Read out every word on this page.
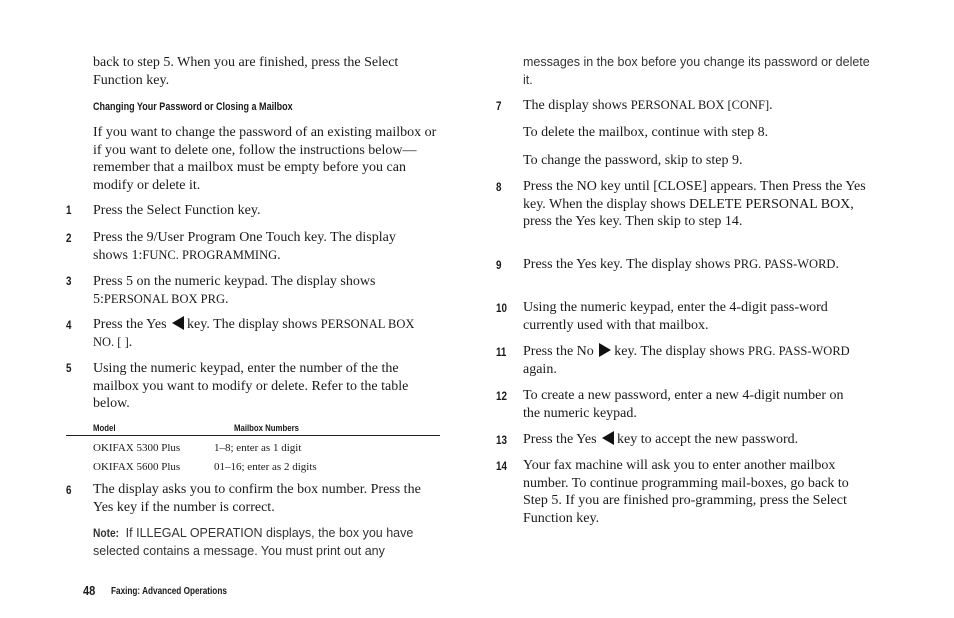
back to step 5. When you are finished, press the Select Function key.
Changing Your Password or Closing a Mailbox
If you want to change the password of an existing mailbox or if you want to delete one, follow the instructions below—remember that a mailbox must be empty before you can modify or delete it.
1 Press the Select Function key.
2 Press the 9/User Program One Touch key. The display shows 1:FUNC. PROGRAMMING.
3 Press 5 on the numeric keypad. The display shows 5:PERSONAL BOX PRG.
4 Press the Yes key. The display shows PERSONAL BOX NO. [ ].
5 Using the numeric keypad, enter the number of the the mailbox you want to modify or delete. Refer to the table below.
Model	Mailbox Numbers
OKIFAX 5300 Plus	1–8; enter as 1 digit
OKIFAX 5600 Plus	01–16; enter as 2 digits
6 The display asks you to confirm the box number. Press the Yes key if the number is correct.
Note: If ILLEGAL OPERATION displays, the box you have selected contains a message. You must print out any
messages in the box before you change its password or delete it.
7 The display shows PERSONAL BOX [CONF].
To delete the mailbox, continue with step 8.
To change the password, skip to step 9.
8 Press the NO key until [CLOSE] appears. Then Press the Yes key. When the display shows DELETE PERSONAL BOX, press the Yes key. Then skip to step 14.
9 Press the Yes key. The display shows PRG. PASS-WORD.
10 Using the numeric keypad, enter the 4-digit pass-word currently used with that mailbox.
11 Press the No key. The display shows PRG. PASS-WORD again.
12 To create a new password, enter a new 4-digit number on the numeric keypad.
13 Press the Yes key to accept the new password.
14 Your fax machine will ask you to enter another mailbox number. To continue programming mail-boxes, go back to Step 5. If you are finished pro-gramming, press the Select Function key.
48 Faxing: Advanced Operations
